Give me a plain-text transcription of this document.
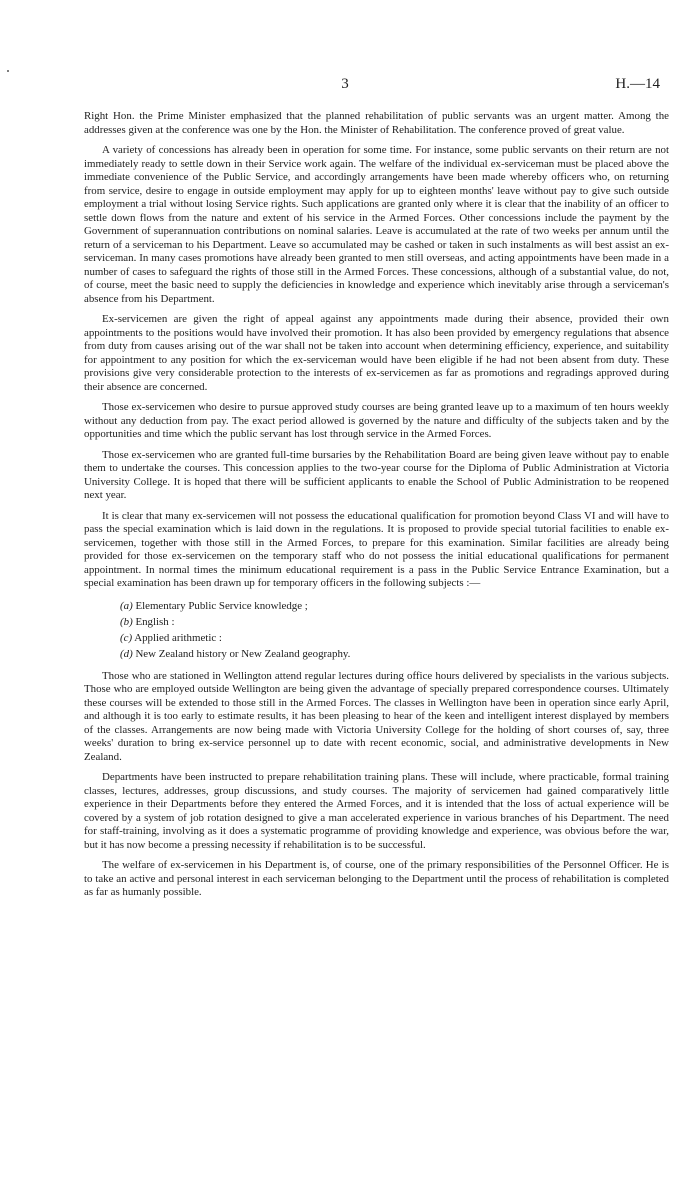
3	H.—14

Right Hon. the Prime Minister emphasized that the planned rehabilitation of public servants was an urgent matter. Among the addresses given at the conference was one by the Hon. the Minister of Rehabilitation. The conference proved of great value.

A variety of concessions has already been in operation for some time. For instance, some public servants on their return are not immediately ready to settle down in their Service work again. The welfare of the individual ex-serviceman must be placed above the immediate convenience of the Public Service, and accordingly arrangements have been made whereby officers who, on returning from service, desire to engage in outside employment may apply for up to eighteen months' leave without pay to give such outside employment a trial without losing Service rights. Such applications are granted only where it is clear that the inability of an officer to settle down flows from the nature and extent of his service in the Armed Forces. Other concessions include the payment by the Government of superannuation contributions on nominal salaries. Leave is accumulated at the rate of two weeks per annum until the return of a serviceman to his Department. Leave so accumulated may be cashed or taken in such instalments as will best assist an ex-serviceman. In many cases promotions have already been granted to men still overseas, and acting appointments have been made in a number of cases to safeguard the rights of those still in the Armed Forces. These concessions, although of a substantial value, do not, of course, meet the basic need to supply the deficiencies in knowledge and experience which inevitably arise through a serviceman's absence from his Department.

Ex-servicemen are given the right of appeal against any appointments made during their absence, provided their own appointments to the positions would have involved their promotion. It has also been provided by emergency regulations that absence from duty from causes arising out of the war shall not be taken into account when determining efficiency, experience, and suitability for appointment to any position for which the ex-serviceman would have been eligible if he had not been absent from duty. These provisions give very considerable protection to the interests of ex-servicemen as far as promotions and regradings approved during their absence are concerned.

Those ex-servicemen who desire to pursue approved study courses are being granted leave up to a maximum of ten hours weekly without any deduction from pay. The exact period allowed is governed by the nature and difficulty of the subjects taken and by the opportunities and time which the public servant has lost through service in the Armed Forces.

Those ex-servicemen who are granted full-time bursaries by the Rehabilitation Board are being given leave without pay to enable them to undertake the courses. This concession applies to the two-year course for the Diploma of Public Administration at Victoria University College. It is hoped that there will be sufficient applicants to enable the School of Public Administration to be reopened next year.

It is clear that many ex-servicemen will not possess the educational qualification for promotion beyond Class VI and will have to pass the special examination which is laid down in the regulations. It is proposed to provide special tutorial facilities to enable ex-servicemen, together with those still in the Armed Forces, to prepare for this examination. Similar facilities are already being provided for those ex-servicemen on the temporary staff who do not possess the initial educational qualifications for permanent appointment. In normal times the minimum educational requirement is a pass in the Public Service Entrance Examination, but a special examination has been drawn up for temporary officers in the following subjects :—

(a) Elementary Public Service knowledge ;
(b) English :
(c) Applied arithmetic :
(d) New Zealand history or New Zealand geography.

Those who are stationed in Wellington attend regular lectures during office hours delivered by specialists in the various subjects. Those who are employed outside Wellington are being given the advantage of specially prepared correspondence courses. Ultimately these courses will be extended to those still in the Armed Forces. The classes in Wellington have been in operation since early April, and although it is too early to estimate results, it has been pleasing to hear of the keen and intelligent interest displayed by members of the classes. Arrangements are now being made with Victoria University College for the holding of short courses of, say, three weeks' duration to bring ex-service personnel up to date with recent economic, social, and administrative developments in New Zealand.

Departments have been instructed to prepare rehabilitation training plans. These will include, where practicable, formal training classes, lectures, addresses, group discussions, and study courses. The majority of servicemen had gained comparatively little experience in their Departments before they entered the Armed Forces, and it is intended that the loss of actual experience will be covered by a system of job rotation designed to give a man accelerated experience in various branches of his Department. The need for staff-training, involving as it does a systematic programme of providing knowledge and experience, was obvious before the war, but it has now become a pressing necessity if rehabilitation is to be successful.

The welfare of ex-servicemen in his Department is, of course, one of the primary responsibilities of the Personnel Officer. He is to take an active and personal interest in each serviceman belonging to the Department until the process of rehabilitation is completed as far as humanly possible.
